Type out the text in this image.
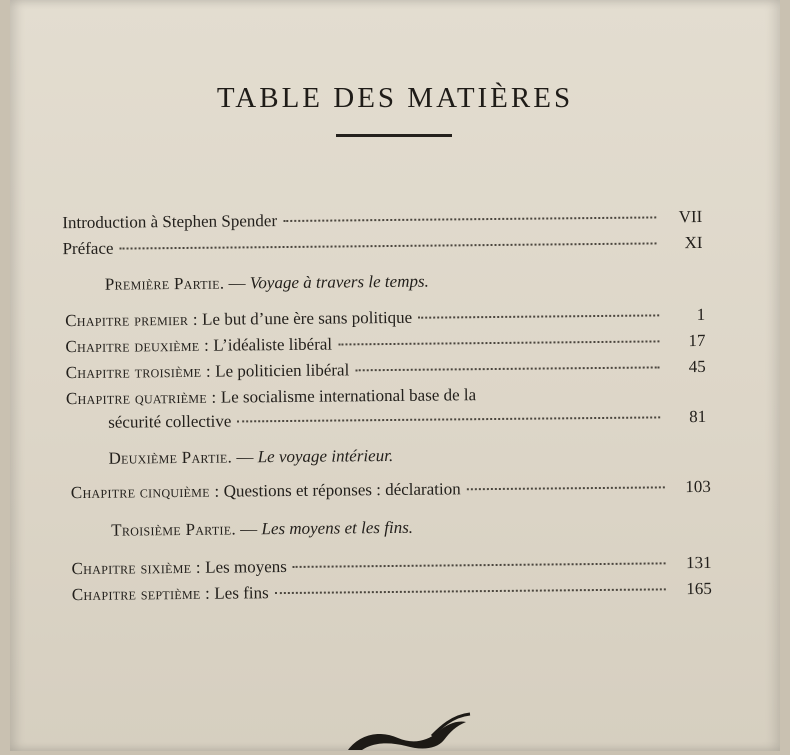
TABLE DES MATIÈRES
Introduction à Stephen Spender	VII
Préface	XI
Première Partie. — Voyage à travers le temps.
Chapitre premier :
Le but d’une ère sans politique	1
Chapitre deuxième :
L’idéaliste libéral	17
Chapitre troisième :
Le politicien libéral	45
Chapitre quatrième :
Le socialisme international base de la
sécurité collective	81
Deuxième Partie. — Le voyage intérieur.
Chapitre cinquième :
Questions et réponses : déclaration	103
Troisième Partie. — Les moyens et les fins.
Chapitre sixième :
Les moyens	131
Chapitre septième :
Les fins	165
